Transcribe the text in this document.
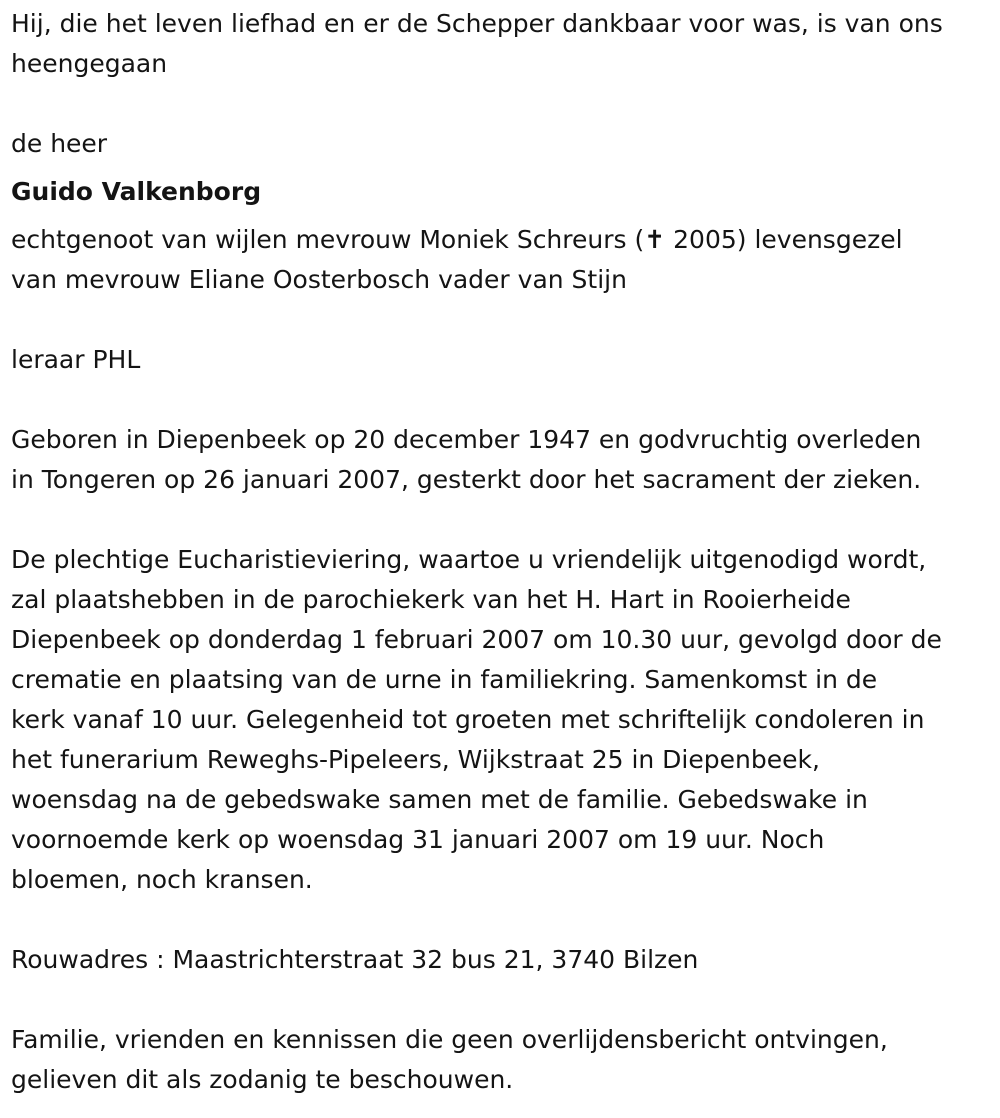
Hij, die het leven liefhad en er de Schepper dankbaar voor was, is van ons
heengegaan

de heer

Guido Valkenborg

echtgenoot van wijlen mevrouw Moniek Schreurs (✝ 2005) levensgezel
van mevrouw Eliane Oosterbosch vader van Stijn

leraar PHL

Geboren in Diepenbeek op 20 december 1947 en godvruchtig overleden
in Tongeren op 26 januari 2007, gesterkt door het sacrament der zieken.

De plechtige Eucharistieviering, waartoe u vriendelijk uitgenodigd wordt,
zal plaatshebben in de parochiekerk van het H. Hart in Rooierheide
Diepenbeek op donderdag 1 februari 2007 om 10.30 uur, gevolgd door de
crematie en plaatsing van de urne in familiekring. Samenkomst in de
kerk vanaf 10 uur. Gelegenheid tot groeten met schriftelijk condoleren in
het funerarium Reweghs-Pipeleers, Wijkstraat 25 in Diepenbeek,
woensdag na de gebedswake samen met de familie. Gebedswake in
voornoemde kerk op woensdag 31 januari 2007 om 19 uur. Noch
bloemen, noch kransen.

Rouwadres : Maastrichterstraat 32 bus 21, 3740 Bilzen

Familie, vrienden en kennissen die geen overlijdensbericht ontvingen,
gelieven dit als zodanig te beschouwen.
